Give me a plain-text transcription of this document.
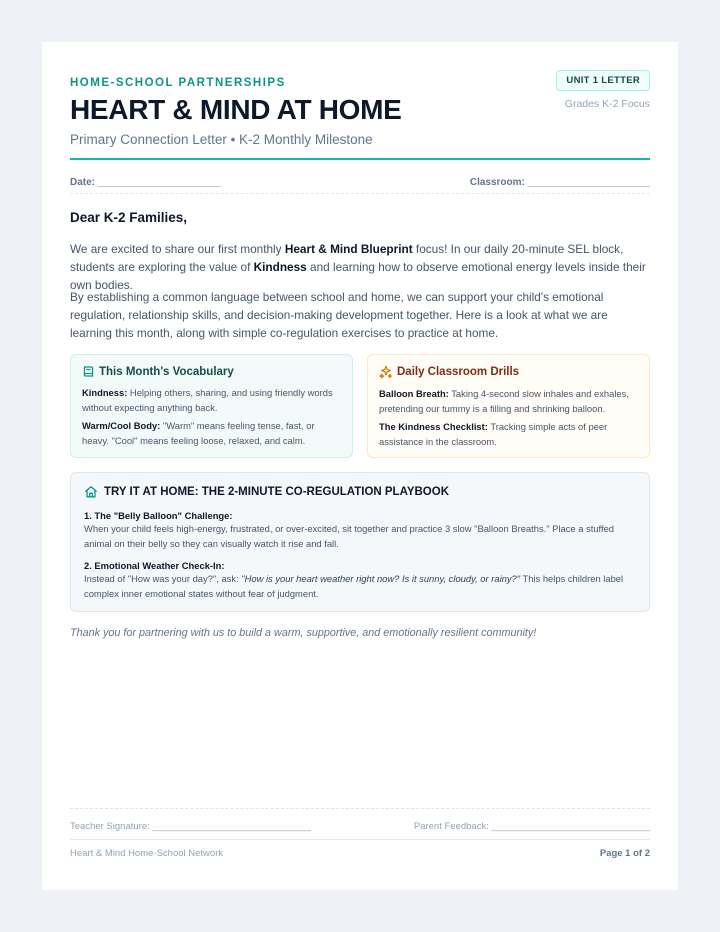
HOME-SCHOOL PARTNERSHIPS
HEART & MIND AT HOME
Primary Connection Letter • K-2 Monthly Milestone
UNIT 1 LETTER
Grades K-2 Focus
Date: ______________________	Classroom: ______________________
Dear K-2 Families,

We are excited to share our first monthly Heart & Mind Blueprint focus! In our daily 20-minute SEL block, students are exploring the value of Kindness and learning how to observe emotional energy levels inside their own bodies.

By establishing a common language between school and home, we can support your child's emotional regulation, relationship skills, and decision-making development together. Here is a look at what we are learning this month, along with simple co-regulation exercises to practice at home.

This Month's Vocabulary
Kindness: Helping others, sharing, and using friendly words without expecting anything back.
Warm/Cool Body: "Warm" means feeling tense, fast, or heavy. "Cool" means feeling loose, relaxed, and calm.
Daily Classroom Drills
Balloon Breath: Taking 4-second slow inhales and exhales, pretending our tummy is a filling and shrinking balloon.
The Kindness Checklist: Tracking simple acts of peer assistance in the classroom.
TRY IT AT HOME: THE 2-MINUTE CO-REGULATION PLAYBOOK
1. The "Belly Balloon" Challenge:
When your child feels high-energy, frustrated, or over-excited, sit together and practice 3 slow "Balloon Breaths." Place a stuffed animal on their belly so they can visually watch it rise and fall.
2. Emotional Weather Check-In:
Instead of "How was your day?", ask: "How is your heart weather right now? Is it sunny, cloudy, or rainy?" This helps children label complex inner emotional states without fear of judgment.
Thank you for partnering with us to build a warm, supportive, and emotionally resilient community!
Teacher Signature: ______________________________	Parent Feedback: ______________________________
Heart & Mind Home-School Network	Page 1 of 2
